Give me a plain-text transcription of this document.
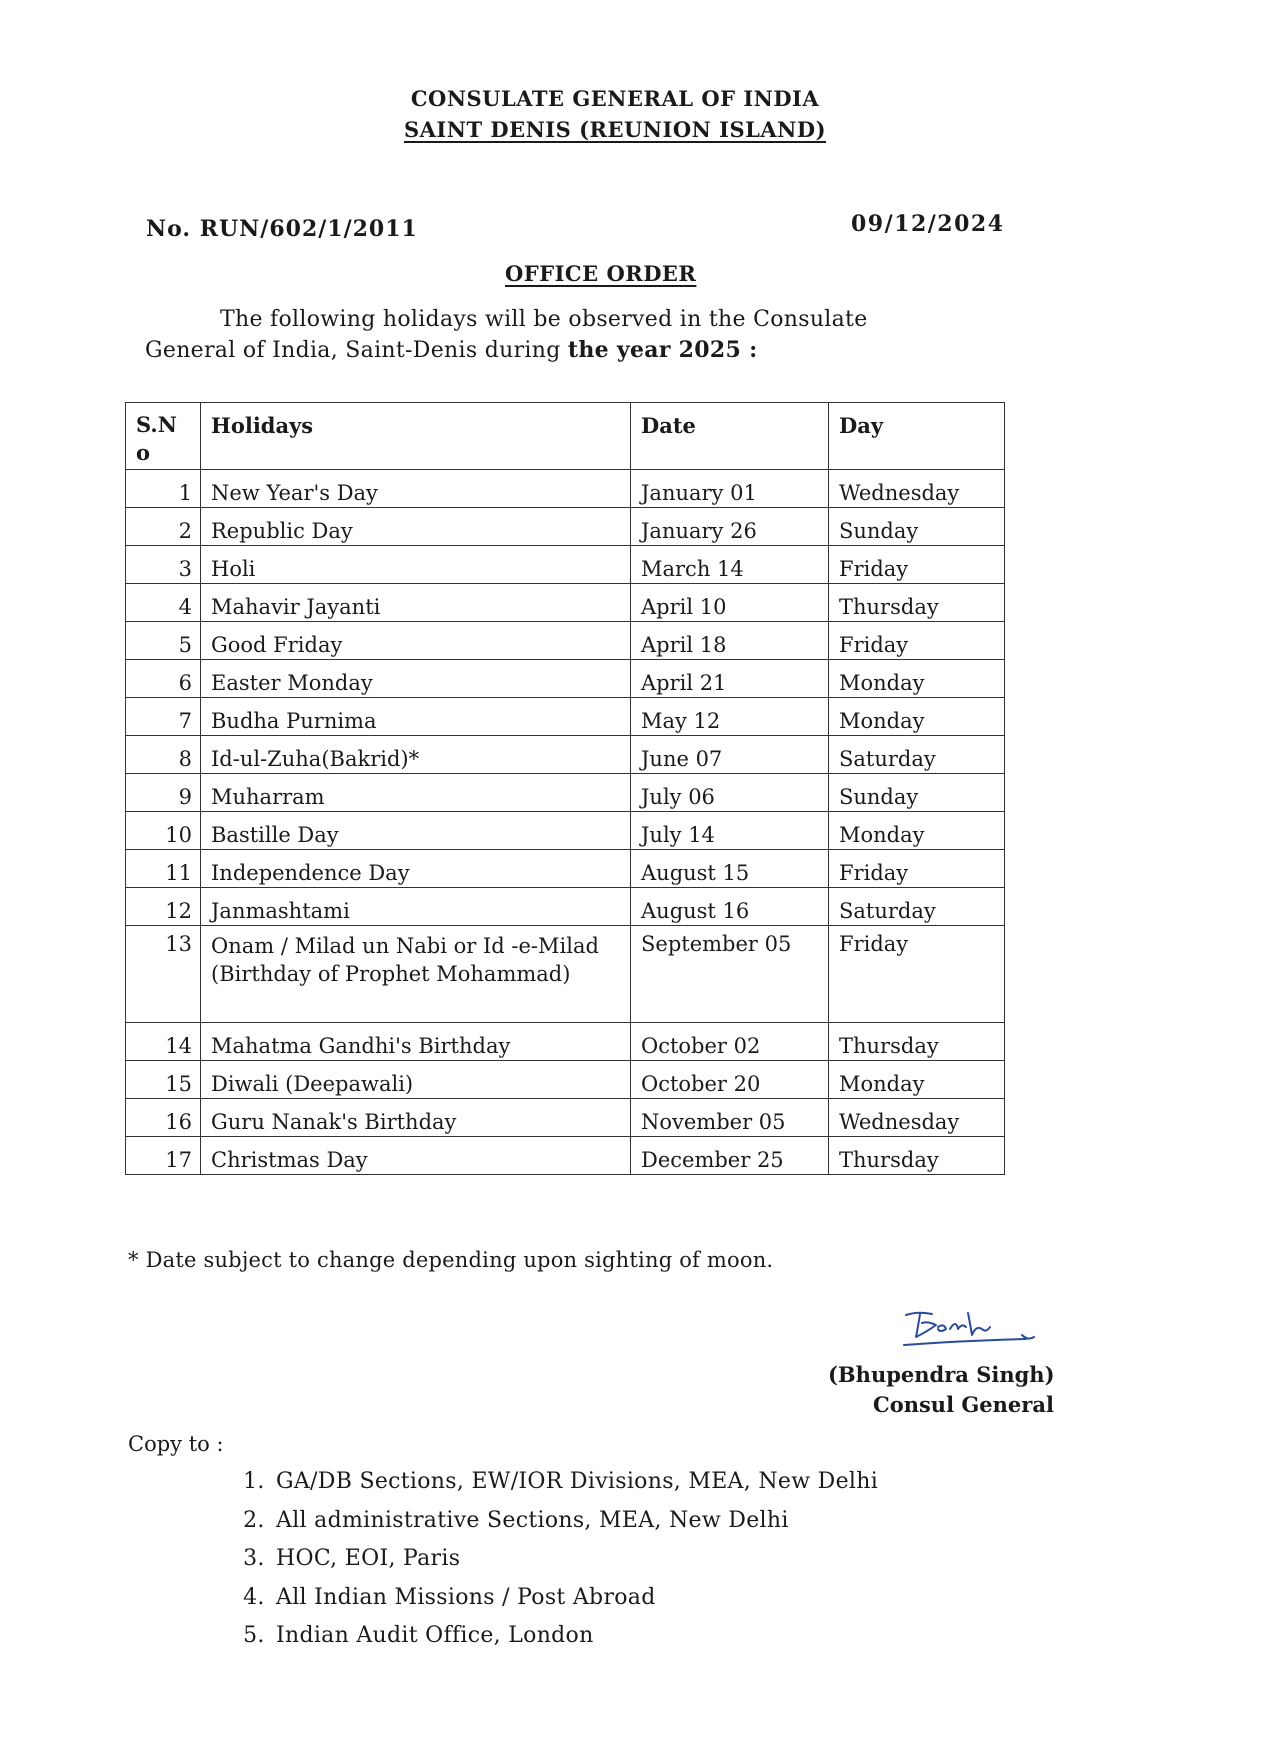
CONSULATE GENERAL OF INDIA
SAINT DENIS (REUNION ISLAND)
No. RUN/602/1/2011	09/12/2024
OFFICE ORDER
The following holidays will be observed in the Consulate
General of India, Saint-Denis during the year 2025 :
S.N o	Holidays	Date	Day
1	New Year's Day	January 01	Wednesday
2	Republic Day	January 26	Sunday
3	Holi	March 14	Friday
4	Mahavir Jayanti	April 10	Thursday
5	Good Friday	April 18	Friday
6	Easter Monday	April 21	Monday
7	Budha Purnima	May 12	Monday
8	Id-ul-Zuha(Bakrid)*	June 07	Saturday
9	Muharram	July 06	Sunday
10	Bastille Day	July 14	Monday
11	Independence Day	August 15	Friday
12	Janmashtami	August 16	Saturday
13	Onam / Milad un Nabi or Id -e-Milad (Birthday of Prophet Mohammad)	September 05	Friday
14	Mahatma Gandhi's Birthday	October 02	Thursday
15	Diwali (Deepawali)	October 20	Monday
16	Guru Nanak's Birthday	November 05	Wednesday
17	Christmas Day	December 25	Thursday
* Date subject to change depending upon sighting of moon.
(Bhupendra Singh)
Consul General
Copy to :
1. GA/DB Sections, EW/IOR Divisions, MEA, New Delhi
2. All administrative Sections, MEA, New Delhi
3. HOC, EOI, Paris
4. All Indian Missions / Post Abroad
5. Indian Audit Office, London
